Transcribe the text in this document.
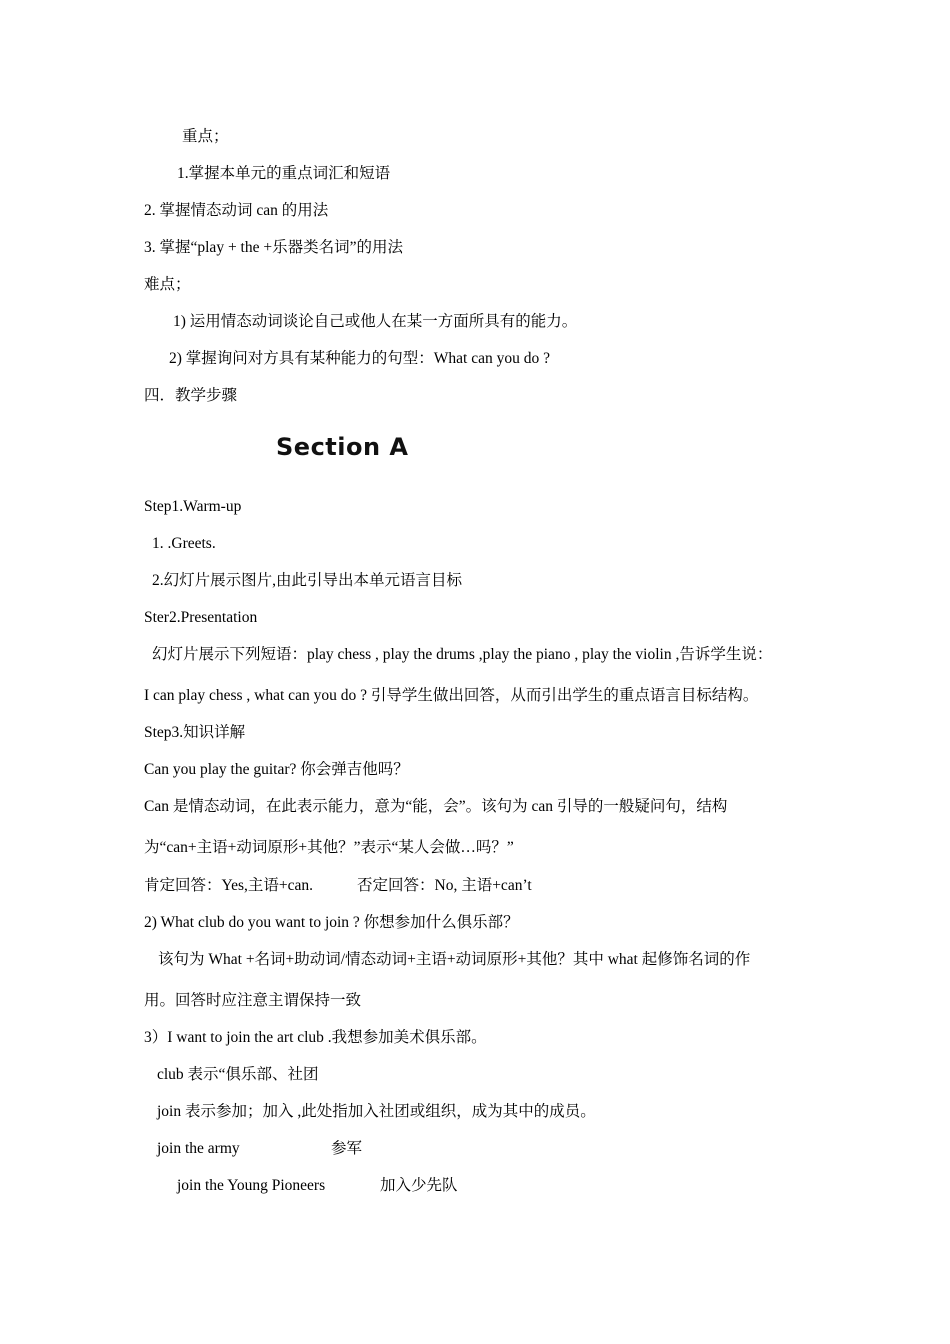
重点；
1.掌握本单元的重点词汇和短语
2. 掌握情态动词 can 的用法
3. 掌握“play + the +乐器类名词”的用法
难点；
1) 运用情态动词谈论自己或他人在某一方面所具有的能力。
2) 掌握询问对方具有某种能力的句型：What can you do ?
四．教学步骤
Section A
Step1.Warm-up
1. .Greets.
2.幻灯片展示图片,由此引导出本单元语言目标
Ster2.Presentation
幻灯片展示下列短语：play chess , play the drums ,play the piano , play the violin ,告诉学生说：
I can play chess , what can you do ? 引导学生做出回答，从而引出学生的重点语言目标结构。
Step3.知识详解
Can you play the guitar? 你会弹吉他吗？
Can 是情态动词，在此表示能力，意为“能，会”。该句为 can 引导的一般疑问句，结构
为“can+主语+动词原形+其他？”表示“某人会做…吗？”
肯定回答：Yes,主语+can.	否定回答：No, 主语+can’t
2) What club do you want to join ? 你想参加什么俱乐部？
该句为 What +名词+助动词/情态动词+主语+动词原形+其他？其中 what 起修饰名词的作
用。回答时应注意主谓保持一致
3）I want to join the art club .我想参加美术俱乐部。
club 表示“俱乐部、社团
join 表示参加；加入 ,此处指加入社团或组织，成为其中的成员。
join the army	参军
join the Young Pioneers	加入少先队
